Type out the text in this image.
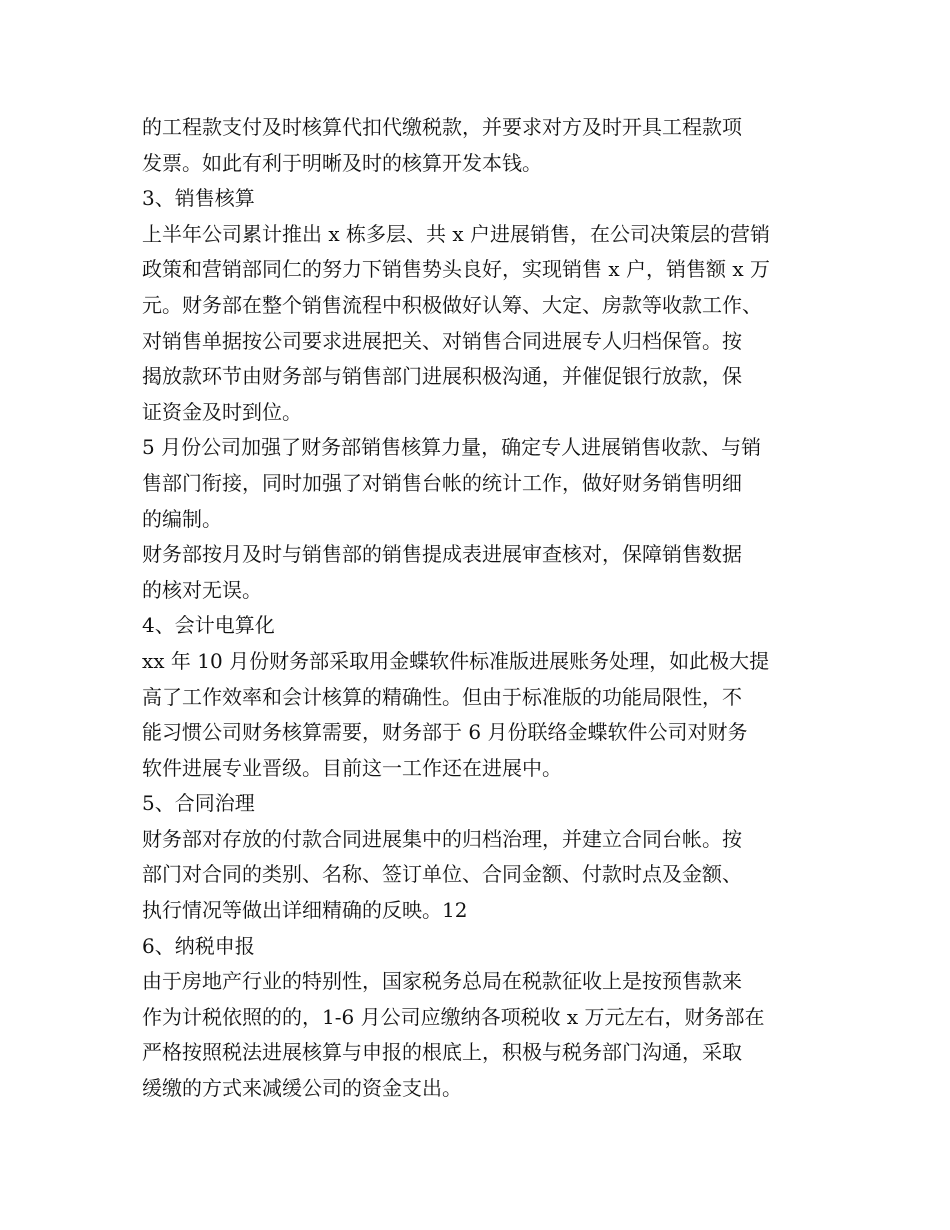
的工程款支付及时核算代扣代缴税款，并要求对方及时开具工程款项
发票。如此有利于明晰及时的核算开发本钱。
3、销售核算
上半年公司累计推出 x 栋多层、共 x 户进展销售，在公司决策层的营销
政策和营销部同仁的努力下销售势头良好，实现销售 x 户，销售额 x 万
元。财务部在整个销售流程中积极做好认筹、大定、房款等收款工作、
对销售单据按公司要求进展把关、对销售合同进展专人归档保管。按
揭放款环节由财务部与销售部门进展积极沟通，并催促银行放款，保
证资金及时到位。
5 月份公司加强了财务部销售核算力量，确定专人进展销售收款、与销
售部门衔接，同时加强了对销售台帐的统计工作，做好财务销售明细
的编制。
财务部按月及时与销售部的销售提成表进展审查核对，保障销售数据
的核对无误。
4、会计电算化
xx 年 10 月份财务部采取用金蝶软件标准版进展账务处理，如此极大提
高了工作效率和会计核算的精确性。但由于标准版的功能局限性，不
能习惯公司财务核算需要，财务部于 6 月份联络金蝶软件公司对财务
软件进展专业晋级。目前这一工作还在进展中。
5、合同治理
财务部对存放的付款合同进展集中的归档治理，并建立合同台帐。按
部门对合同的类别、名称、签订单位、合同金额、付款时点及金额、
执行情况等做出详细精确的反映。12
6、纳税申报
由于房地产行业的特别性，国家税务总局在税款征收上是按预售款来
作为计税依照的的，1-6 月公司应缴纳各项税收 x 万元左右，财务部在
严格按照税法进展核算与申报的根底上，积极与税务部门沟通，采取
缓缴的方式来减缓公司的资金支出。
